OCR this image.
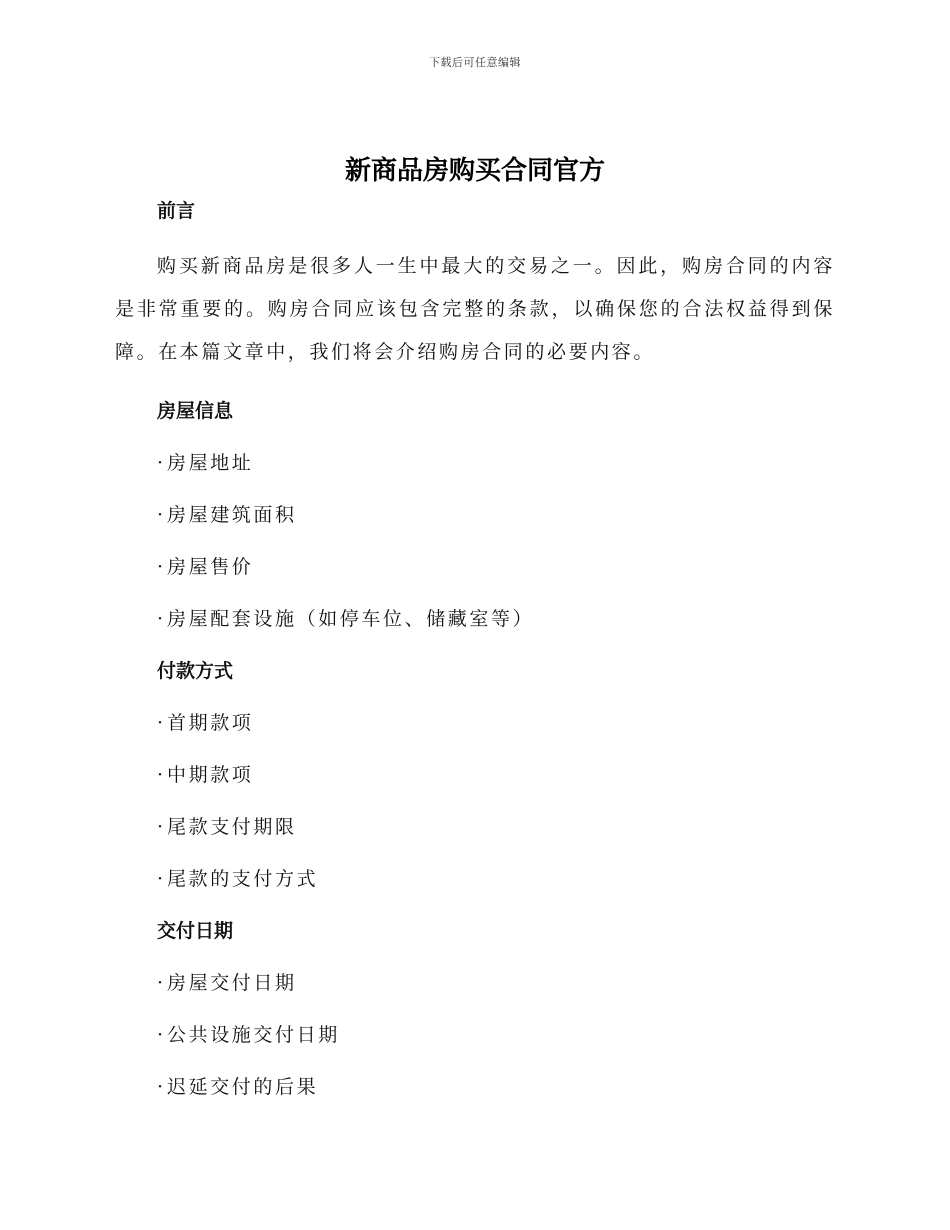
下载后可任意编辑
新商品房购买合同官方
前言

购买新商品房是很多人一生中最大的交易之一。因此，购房合同的内容是非常重要的。购房合同应该包含完整的条款，以确保您的合法权益得到保障。在本篇文章中，我们将会介绍购房合同的必要内容。

房屋信息
· 房屋地址
· 房屋建筑面积
· 房屋售价
· 房屋配套设施（如停车位、储藏室等）
付款方式
· 首期款项
· 中期款项
· 尾款支付期限
· 尾款的支付方式
交付日期
· 房屋交付日期
· 公共设施交付日期
· 迟延交付的后果
